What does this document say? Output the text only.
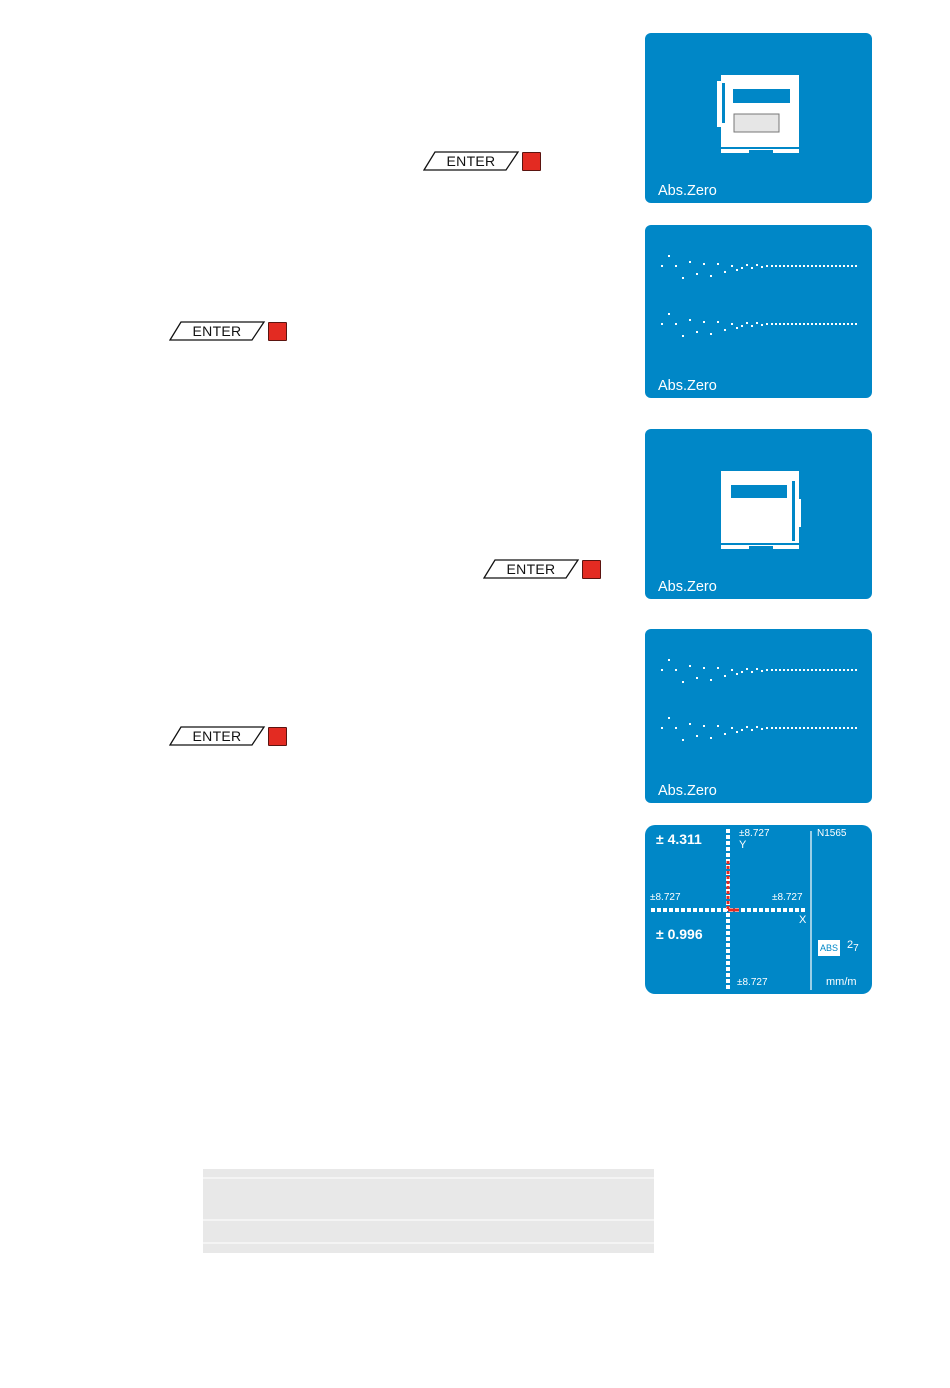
ENTER
Abs.Zero
ENTER
Abs.Zero
ENTER
Abs.Zero
ENTER
Abs.Zero
± 4.311
± 0.996
±8.727
Y
±8.727	±8.727
X
±8.727
N1565
ABS 27
mm/m
